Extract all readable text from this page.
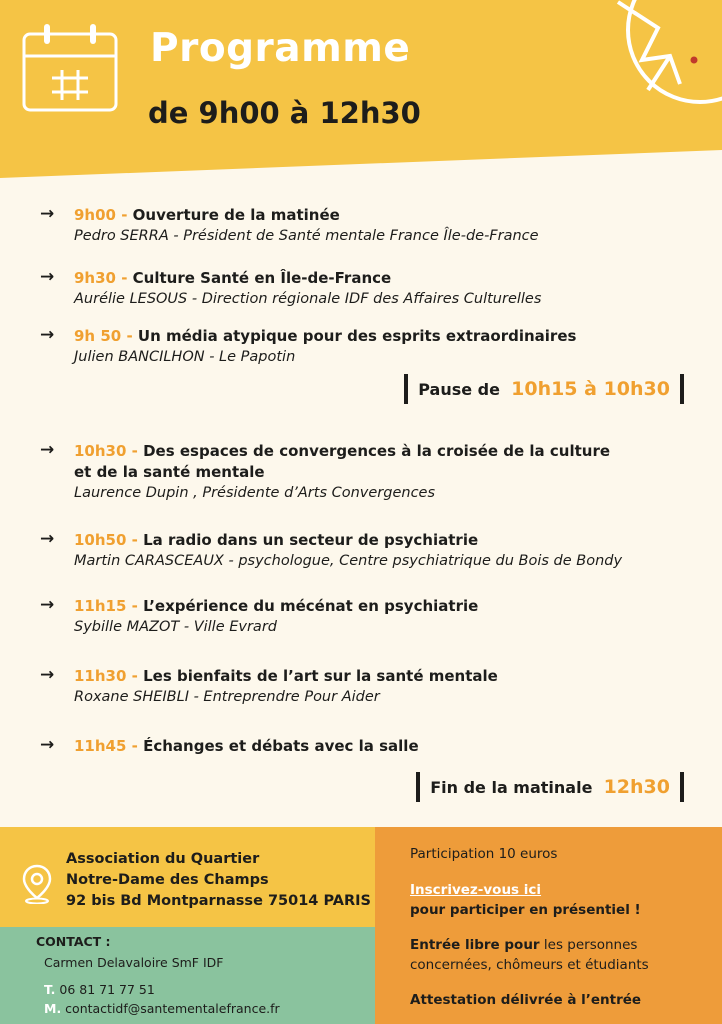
Programme
de 9h00 à 12h30
→ 9h00 - Ouverture de la matinée
Pedro SERRA - Président de Santé mentale France Île-de-France
→ 9h30 - Culture Santé en Île-de-France
Aurélie LESOUS - Direction régionale IDF des Affaires Culturelles
→ 9h 50 - Un média atypique pour des esprits extraordinaires
Julien BANCILHON - Le Papotin
Pause de 10h15 à 10h30
→ 10h30 - Des espaces de convergences à la croisée de la culture
et de la santé mentale
Laurence Dupin , Présidente d’Arts Convergences
→ 10h50 - La radio dans un secteur de psychiatrie
Martin CARASCEAUX - psychologue, Centre psychiatrique du Bois de Bondy
→ 11h15 - L’expérience du mécénat en psychiatrie
Sybille MAZOT - Ville Evrard
→ 11h30 - Les bienfaits de l’art sur la santé mentale
Roxane SHEIBLI - Entreprendre Pour Aider
→ 11h45 - Échanges et débats avec la salle
Fin de la matinale 12h30
Association du Quartier
Notre-Dame des Champs
92 bis Bd Montparnasse 75014 PARIS
CONTACT :
Carmen Delavaloire SmF IDF
T. 06 81 71 77 51
M. contactidf@santementalefrance.fr
Participation 10 euros
Inscrivez-vous ici
pour participer en présentiel !
Entrée libre pour les personnes
concernées, chômeurs et étudiants
Attestation délivrée à l’entrée
